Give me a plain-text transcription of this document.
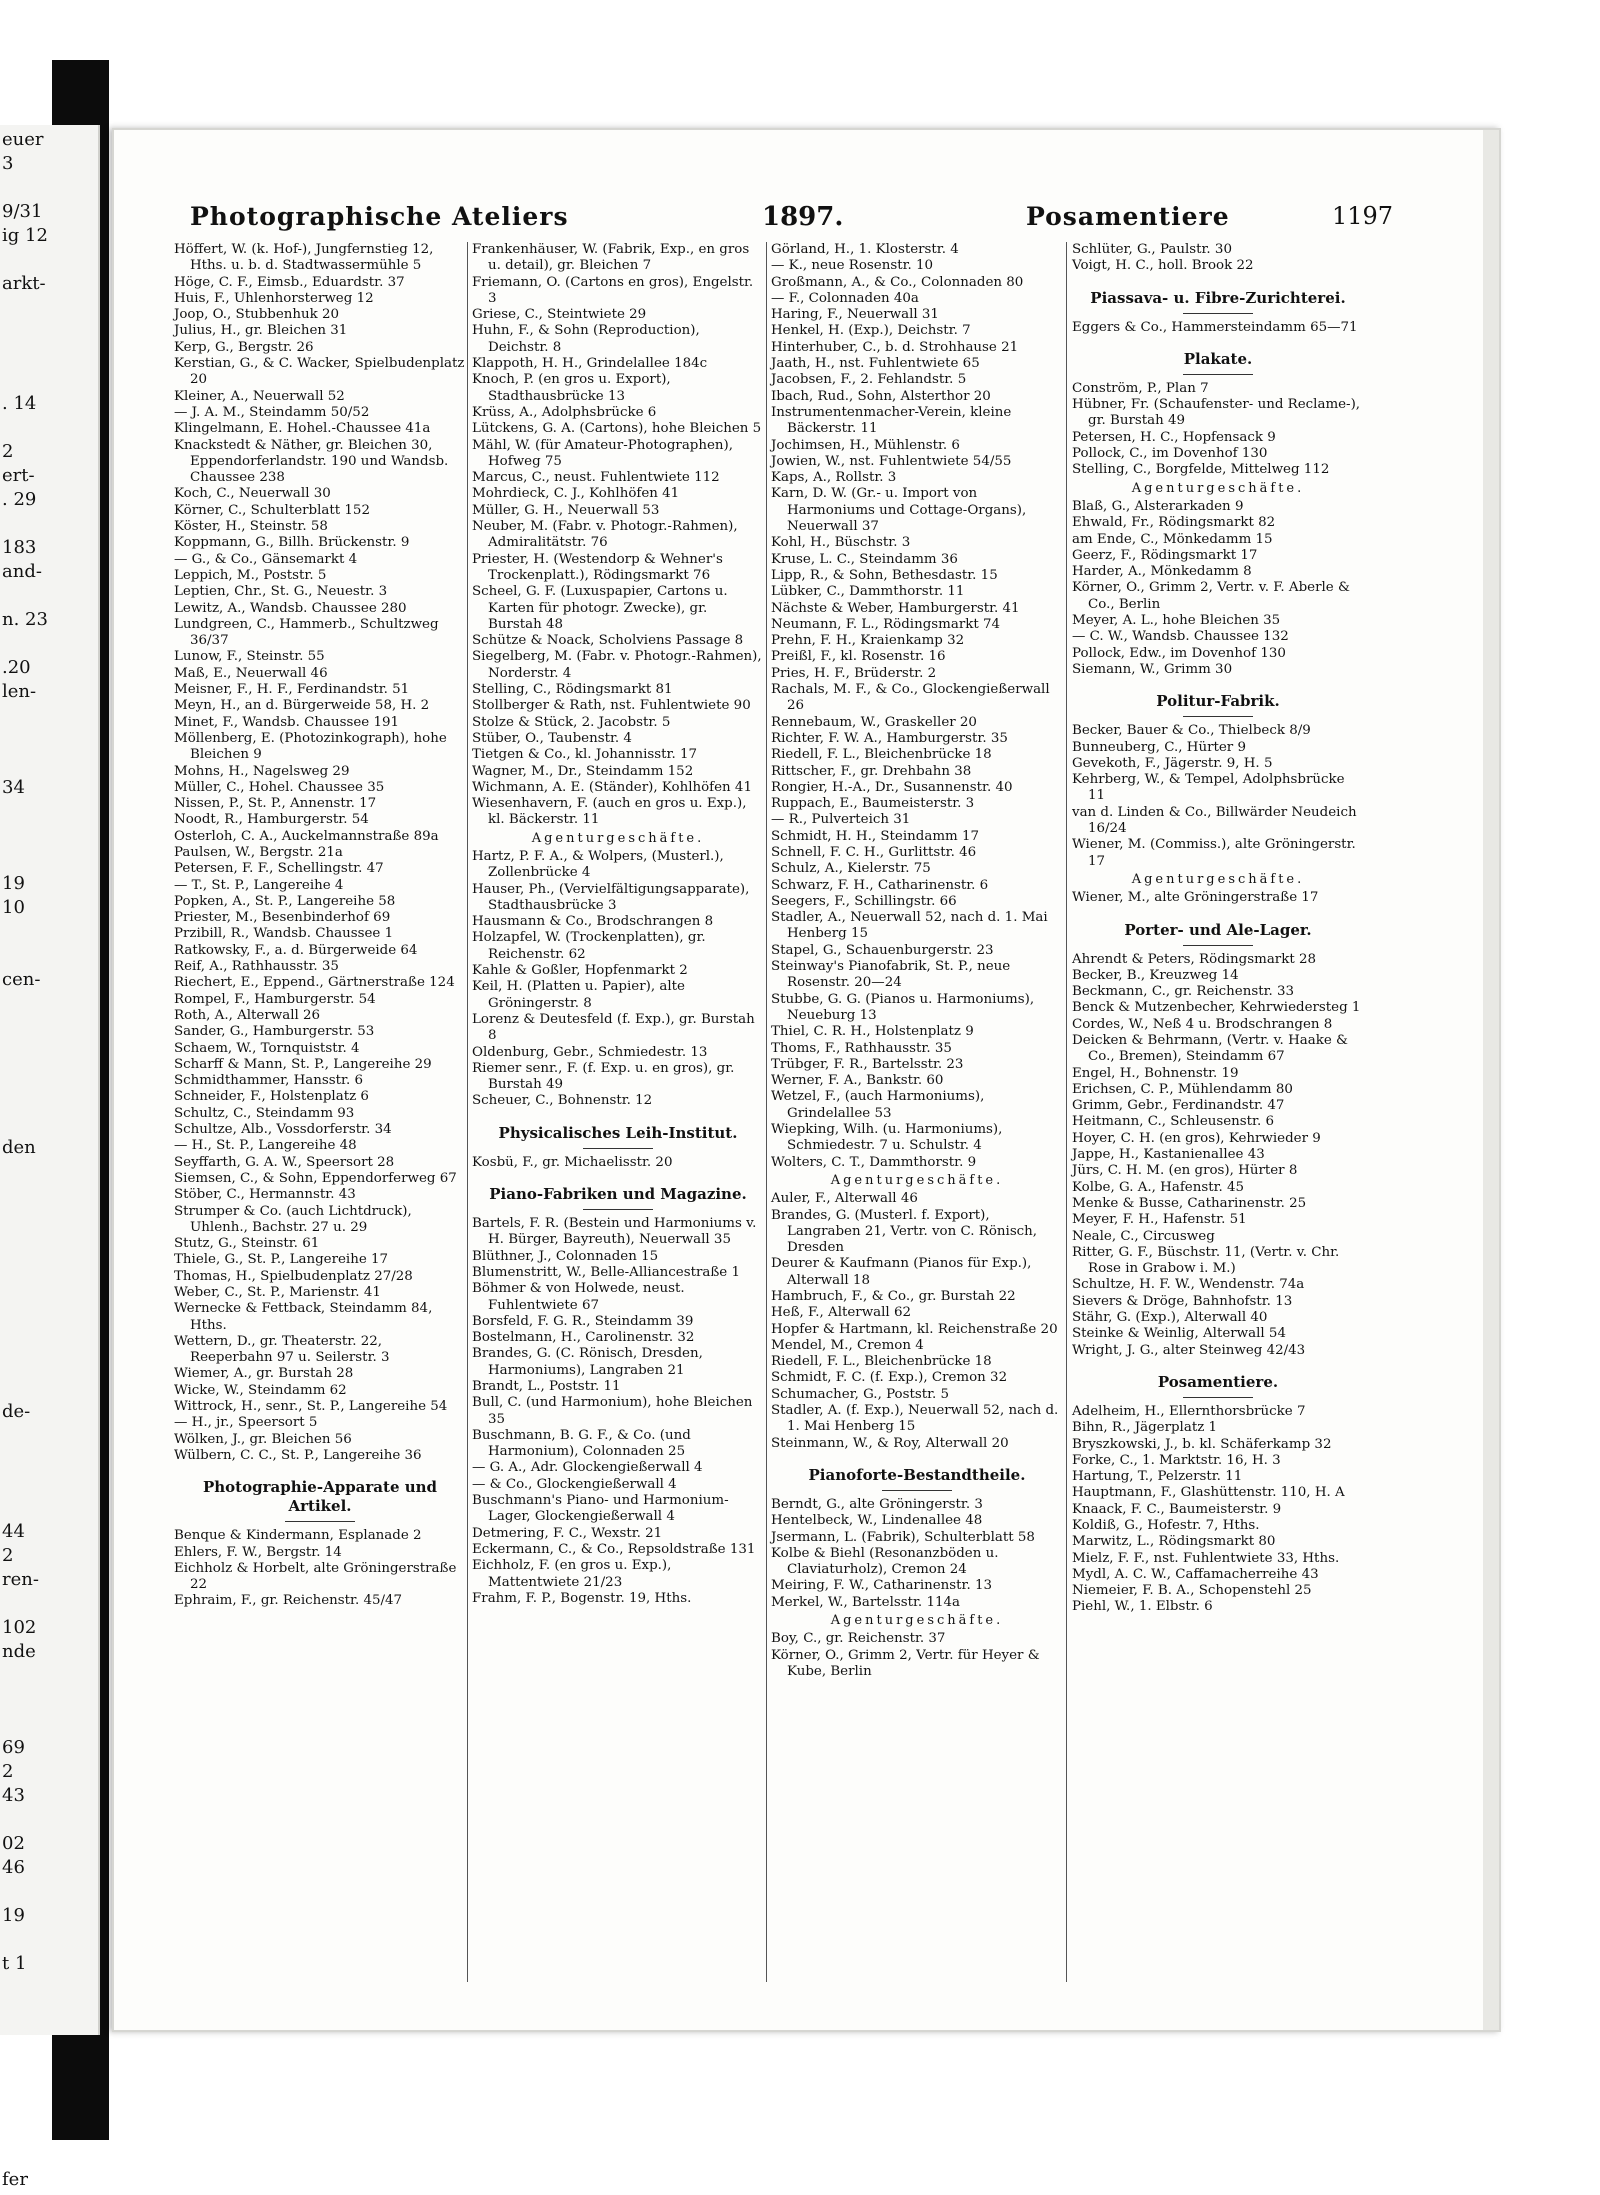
euer
3
9/31
ig 12
arkt-
. 14
2
ert-
. 29
183
and-
n. 23
.20
len-
34
19
10
cen-
den
de-
44
2
ren-
102
nde
69
2
43
02
46
19
t 1
fer
Photographische Ateliers	1897.	Posamentiere	1197

Höffert, W. (k. Hof-), Jungfernstieg 12, Hths. u. b. d. Stadtwassermühle 5

Höge, C. F., Eimsb., Eduardstr. 37

Huis, F., Uhlenhorsterweg 12

Joop, O., Stubbenhuk 20

Julius, H., gr. Bleichen 31

Kerp, G., Bergstr. 26

Kerstian, G., & C. Wacker, Spielbudenplatz 20

Kleiner, A., Neuerwall 52

— J. A. M., Steindamm 50/52

Klingelmann, E. Hohel.-Chaussee 41a

Knackstedt & Näther, gr. Bleichen 30, Eppendorferlandstr. 190 und Wandsb. Chaussee 238

Koch, C., Neuerwall 30

Körner, C., Schulterblatt 152

Köster, H., Steinstr. 58

Koppmann, G., Billh. Brückenstr. 9

— G., & Co., Gänsemarkt 4

Leppich, M., Poststr. 5

Leptien, Chr., St. G., Neuestr. 3

Lewitz, A., Wandsb. Chaussee 280

Lundgreen, C., Hammerb., Schultzweg 36/37

Lunow, F., Steinstr. 55

Maß, E., Neuerwall 46

Meisner, F., H. F., Ferdinandstr. 51

Meyn, H., an d. Bürgerweide 58, H. 2

Minet, F., Wandsb. Chaussee 191

Möllenberg, E. (Photozinkograph), hohe Bleichen 9

Mohns, H., Nagelsweg 29

Müller, C., Hohel. Chaussee 35

Nissen, P., St. P., Annenstr. 17

Noodt, R., Hamburgerstr. 54

Osterloh, C. A., Auckelmannstraße 89a

Paulsen, W., Bergstr. 21a

Petersen, F. F., Schellingstr. 47

— T., St. P., Langereihe 4

Popken, A., St. P., Langereihe 58

Priester, M., Besenbinderhof 69

Przibill, R., Wandsb. Chaussee 1

Ratkowsky, F., a. d. Bürgerweide 64

Reif, A., Rathhausstr. 35

Riechert, E., Eppend., Gärtnerstraße 124

Rompel, F., Hamburgerstr. 54

Roth, A., Alterwall 26

Sander, G., Hamburgerstr. 53

Schaem, W., Tornquiststr. 4

Scharff & Mann, St. P., Langereihe 29

Schmidthammer, Hansstr. 6

Schneider, F., Holstenplatz 6

Schultz, C., Steindamm 93

Schultze, Alb., Vossdorferstr. 34

— H., St. P., Langereihe 48

Seyffarth, G. A. W., Speersort 28

Siemsen, C., & Sohn, Eppendorferweg 67

Stöber, C., Hermannstr. 43

Strumper & Co. (auch Lichtdruck), Uhlenh., Bachstr. 27 u. 29

Stutz, G., Steinstr. 61

Thiele, G., St. P., Langereihe 17

Thomas, H., Spielbudenplatz 27/28

Weber, C., St. P., Marienstr. 41

Wernecke & Fettback, Steindamm 84, Hths.

Wettern, D., gr. Theaterstr. 22, Reeperbahn 97 u. Seilerstr. 3

Wiemer, A., gr. Burstah 28

Wicke, W., Steindamm 62

Wittrock, H., senr., St. P., Langereihe 54

— H., jr., Speersort 5

Wölken, J., gr. Bleichen 56

Wülbern, C. C., St. P., Langereihe 36

Photographie-Apparate und Artikel.

Benque & Kindermann, Esplanade 2

Ehlers, F. W., Bergstr. 14

Eichholz & Horbelt, alte Gröningerstraße 22

Ephraim, F., gr. Reichenstr. 45/47

Frankenhäuser, W. (Fabrik, Exp., en gros u. detail), gr. Bleichen 7

Friemann, O. (Cartons en gros), Engelstr. 3

Griese, C., Steintwiete 29

Huhn, F., & Sohn (Reproduction), Deichstr. 8

Klappoth, H. H., Grindelallee 184c

Knoch, P. (en gros u. Export), Stadthausbrücke 13

Krüss, A., Adolphsbrücke 6

Lütckens, G. A. (Cartons), hohe Bleichen 5

Mähl, W. (für Amateur-Photographen), Hofweg 75

Marcus, C., neust. Fuhlentwiete 112

Mohrdieck, C. J., Kohlhöfen 41

Müller, G. H., Neuerwall 53

Neuber, M. (Fabr. v. Photogr.-Rahmen), Admiralitätstr. 76

Priester, H. (Westendorp & Wehner's Trockenplatt.), Rödingsmarkt 76

Scheel, G. F. (Luxuspapier, Cartons u. Karten für photogr. Zwecke), gr. Burstah 48

Schütze & Noack, Scholviens Passage 8

Siegelberg, M. (Fabr. v. Photogr.-Rahmen), Norderstr. 4

Stelling, C., Rödingsmarkt 81

Stollberger & Rath, nst. Fuhlentwiete 90

Stolze & Stück, 2. Jacobstr. 5

Stüber, O., Taubenstr. 4

Tietgen & Co., kl. Johannisstr. 17

Wagner, M., Dr., Steindamm 152

Wichmann, A. E. (Ständer), Kohlhöfen 41

Wiesenhavern, F. (auch en gros u. Exp.), kl. Bäckerstr. 11

Agenturgeschäfte.

Hartz, P. F. A., & Wolpers, (Musterl.), Zollenbrücke 4

Hauser, Ph., (Vervielfältigungsapparate), Stadthausbrücke 3

Hausmann & Co., Brodschrangen 8

Holzapfel, W. (Trockenplatten), gr. Reichenstr. 62

Kahle & Goßler, Hopfenmarkt 2

Keil, H. (Platten u. Papier), alte Gröningerstr. 8

Lorenz & Deutesfeld (f. Exp.), gr. Burstah 8

Oldenburg, Gebr., Schmiedestr. 13

Riemer senr., F. (f. Exp. u. en gros), gr. Burstah 49

Scheuer, C., Bohnenstr. 12

Physicalisches Leih-Institut.

Kosbü, F., gr. Michaelisstr. 20

Piano-Fabriken und Magazine.

Bartels, F. R. (Bestein und Harmoniums v. H. Bürger, Bayreuth), Neuerwall 35

Blüthner, J., Colonnaden 15

Blumenstritt, W., Belle-Alliancestraße 1

Böhmer & von Holwede, neust. Fuhlentwiete 67

Borsfeld, F. G. R., Steindamm 39

Bostelmann, H., Carolinenstr. 32

Brandes, G. (C. Rönisch, Dresden, Harmoniums), Langraben 21

Brandt, L., Poststr. 11

Bull, C. (und Harmonium), hohe Bleichen 35

Buschmann, B. G. F., & Co. (und Harmonium), Colonnaden 25

— G. A., Adr. Glockengießerwall 4

— & Co., Glockengießerwall 4

Buschmann's Piano- und Harmonium-Lager, Glockengießerwall 4

Detmering, F. C., Wexstr. 21

Eckermann, C., & Co., Repsoldstraße 131

Eichholz, F. (en gros u. Exp.), Mattentwiete 21/23

Frahm, F. P., Bogenstr. 19, Hths.

Görland, H., 1. Klosterstr. 4

— K., neue Rosenstr. 10

Großmann, A., & Co., Colonnaden 80

— F., Colonnaden 40a

Haring, F., Neuerwall 31

Henkel, H. (Exp.), Deichstr. 7

Hinterhuber, C., b. d. Strohhause 21

Jaath, H., nst. Fuhlentwiete 65

Jacobsen, F., 2. Fehlandstr. 5

Ibach, Rud., Sohn, Alsterthor 20

Instrumentenmacher-Verein, kleine Bäckerstr. 11

Jochimsen, H., Mühlenstr. 6

Jowien, W., nst. Fuhlentwiete 54/55

Kaps, A., Rollstr. 3

Karn, D. W. (Gr.- u. Import von Harmoniums und Cottage-Organs), Neuerwall 37

Kohl, H., Büschstr. 3

Kruse, L. C., Steindamm 36

Lipp, R., & Sohn, Bethesdastr. 15

Lübker, C., Dammthorstr. 11

Nächste & Weber, Hamburgerstr. 41

Neumann, F. L., Rödingsmarkt 74

Prehn, F. H., Kraienkamp 32

Preißl, F., kl. Rosenstr. 16

Pries, H. F., Brüderstr. 2

Rachals, M. F., & Co., Glockengießerwall 26

Rennebaum, W., Graskeller 20

Richter, F. W. A., Hamburgerstr. 35

Riedell, F. L., Bleichenbrücke 18

Rittscher, F., gr. Drehbahn 38

Rongier, H.-A., Dr., Susannenstr. 40

Ruppach, E., Baumeisterstr. 3

— R., Pulverteich 31

Schmidt, H. H., Steindamm 17

Schnell, F. C. H., Gurlittstr. 46

Schulz, A., Kielerstr. 75

Schwarz, F. H., Catharinenstr. 6

Seegers, F., Schillingstr. 66

Stadler, A., Neuerwall 52, nach d. 1. Mai Henberg 15

Stapel, G., Schauenburgerstr. 23

Steinway's Pianofabrik, St. P., neue Rosenstr. 20—24

Stubbe, G. G. (Pianos u. Harmoniums), Neueburg 13

Thiel, C. R. H., Holstenplatz 9

Thoms, F., Rathhausstr. 35

Trübger, F. R., Bartelsstr. 23

Werner, F. A., Bankstr. 60

Wetzel, F., (auch Harmoniums), Grindelallee 53

Wiepking, Wilh. (u. Harmoniums), Schmiedestr. 7 u. Schulstr. 4

Wolters, C. T., Dammthorstr. 9

Agenturgeschäfte.

Auler, F., Alterwall 46

Brandes, G. (Musterl. f. Export), Langraben 21, Vertr. von C. Rönisch, Dresden

Deurer & Kaufmann (Pianos für Exp.), Alterwall 18

Hambruch, F., & Co., gr. Burstah 22

Heß, F., Alterwall 62

Hopfer & Hartmann, kl. Reichenstraße 20

Mendel, M., Cremon 4

Riedell, F. L., Bleichenbrücke 18

Schmidt, F. C. (f. Exp.), Cremon 32

Schumacher, G., Poststr. 5

Stadler, A. (f. Exp.), Neuerwall 52, nach d. 1. Mai Henberg 15

Steinmann, W., & Roy, Alterwall 20

Pianoforte-Bestandtheile.

Berndt, G., alte Gröningerstr. 3

Hentelbeck, W., Lindenallee 48

Jsermann, L. (Fabrik), Schulterblatt 58

Kolbe & Biehl (Resonanzböden u. Claviaturholz), Cremon 24

Meiring, F. W., Catharinenstr. 13

Merkel, W., Bartelsstr. 114a

Agenturgeschäfte.

Boy, C., gr. Reichenstr. 37

Körner, O., Grimm 2, Vertr. für Heyer & Kube, Berlin

Schlüter, G., Paulstr. 30

Voigt, H. C., holl. Brook 22

Piassava- u. Fibre-Zurichterei.

Eggers & Co., Hammersteindamm 65—71

Plakate.

Conström, P., Plan 7

Hübner, Fr. (Schaufenster- und Reclame-), gr. Burstah 49

Petersen, H. C., Hopfensack 9

Pollock, C., im Dovenhof 130

Stelling, C., Borgfelde, Mittelweg 112

Agenturgeschäfte.

Blaß, G., Alsterarkaden 9

Ehwald, Fr., Rödingsmarkt 82

am Ende, C., Mönkedamm 15

Geerz, F., Rödingsmarkt 17

Harder, A., Mönkedamm 8

Körner, O., Grimm 2, Vertr. v. F. Aberle & Co., Berlin

Meyer, A. L., hohe Bleichen 35

— C. W., Wandsb. Chaussee 132

Pollock, Edw., im Dovenhof 130

Siemann, W., Grimm 30

Politur-Fabrik.

Becker, Bauer & Co., Thielbeck 8/9

Bunneuberg, C., Hürter 9

Gevekoth, F., Jägerstr. 9, H. 5

Kehrberg, W., & Tempel, Adolphsbrücke 11

van d. Linden & Co., Billwärder Neudeich 16/24

Wiener, M. (Commiss.), alte Gröningerstr. 17

Agenturgeschäfte.

Wiener, M., alte Gröningerstraße 17

Porter- und Ale-Lager.

Ahrendt & Peters, Rödingsmarkt 28

Becker, B., Kreuzweg 14

Beckmann, C., gr. Reichenstr. 33

Benck & Mutzenbecher, Kehrwiedersteg 1

Cordes, W., Neß 4 u. Brodschrangen 8

Deicken & Behrmann, (Vertr. v. Haake & Co., Bremen), Steindamm 67

Engel, H., Bohnenstr. 19

Erichsen, C. P., Mühlendamm 80

Grimm, Gebr., Ferdinandstr. 47

Heitmann, C., Schleusenstr. 6

Hoyer, C. H. (en gros), Kehrwieder 9

Jappe, H., Kastanienallee 43

Jürs, C. H. M. (en gros), Hürter 8

Kolbe, G. A., Hafenstr. 45

Menke & Busse, Catharinenstr. 25

Meyer, F. H., Hafenstr. 51

Neale, C., Circusweg

Ritter, G. F., Büschstr. 11, (Vertr. v. Chr. Rose in Grabow i. M.)

Schultze, H. F. W., Wendenstr. 74a

Sievers & Dröge, Bahnhofstr. 13

Stähr, G. (Exp.), Alterwall 40

Steinke & Weinlig, Alterwall 54

Wright, J. G., alter Steinweg 42/43

Posamentiere.

Adelheim, H., Ellernthorsbrücke 7

Bihn, R., Jägerplatz 1

Bryszkowski, J., b. kl. Schäferkamp 32

Forke, C., 1. Marktstr. 16, H. 3

Hartung, T., Pelzerstr. 11

Hauptmann, F., Glashüttenstr. 110, H. A

Knaack, F. C., Baumeisterstr. 9

Koldiß, G., Hofestr. 7, Hths.

Marwitz, L., Rödingsmarkt 80

Mielz, F. F., nst. Fuhlentwiete 33, Hths.

Mydl, A. C. W., Caffamacherreihe 43

Niemeier, F. B. A., Schopenstehl 25

Piehl, W., 1. Elbstr. 6
